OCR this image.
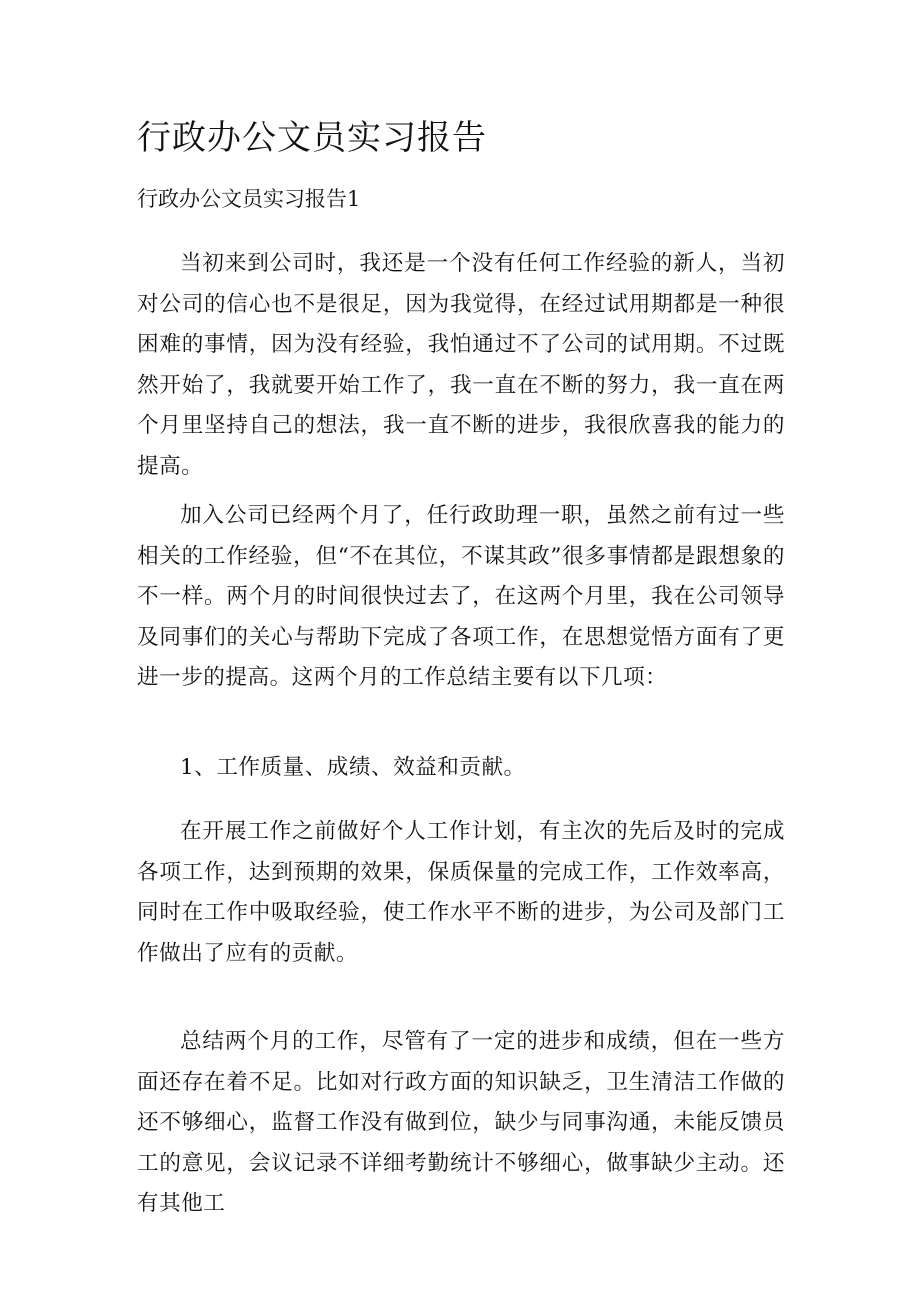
行政办公文员实习报告
行政办公文员实习报告1

当初来到公司时，我还是一个没有任何工作经验的新人，当初对公司的信心也不是很足，因为我觉得，在经过试用期都是一种很困难的事情，因为没有经验，我怕通过不了公司的试用期。不过既然开始了，我就要开始工作了，我一直在不断的努力，我一直在两个月里坚持自己的想法，我一直不断的进步，我很欣喜我的能力的提高。

加入公司已经两个月了，任行政助理一职，虽然之前有过一些相关的工作经验，但“不在其位，不谋其政”很多事情都是跟想象的不一样。两个月的时间很快过去了，在这两个月里，我在公司领导及同事们的关心与帮助下完成了各项工作，在思想觉悟方面有了更进一步的提高。这两个月的工作总结主要有以下几项：

1、工作质量、成绩、效益和贡献。

在开展工作之前做好个人工作计划，有主次的先后及时的完成各项工作，达到预期的效果，保质保量的完成工作，工作效率高，同时在工作中吸取经验，使工作水平不断的进步，为公司及部门工作做出了应有的贡献。

总结两个月的工作，尽管有了一定的进步和成绩，但在一些方面还存在着不足。比如对行政方面的知识缺乏，卫生清洁工作做的还不够细心，监督工作没有做到位，缺少与同事沟通，未能反馈员工的意见，会议记录不详细考勤统计不够细心，做事缺少主动。还有其他工
